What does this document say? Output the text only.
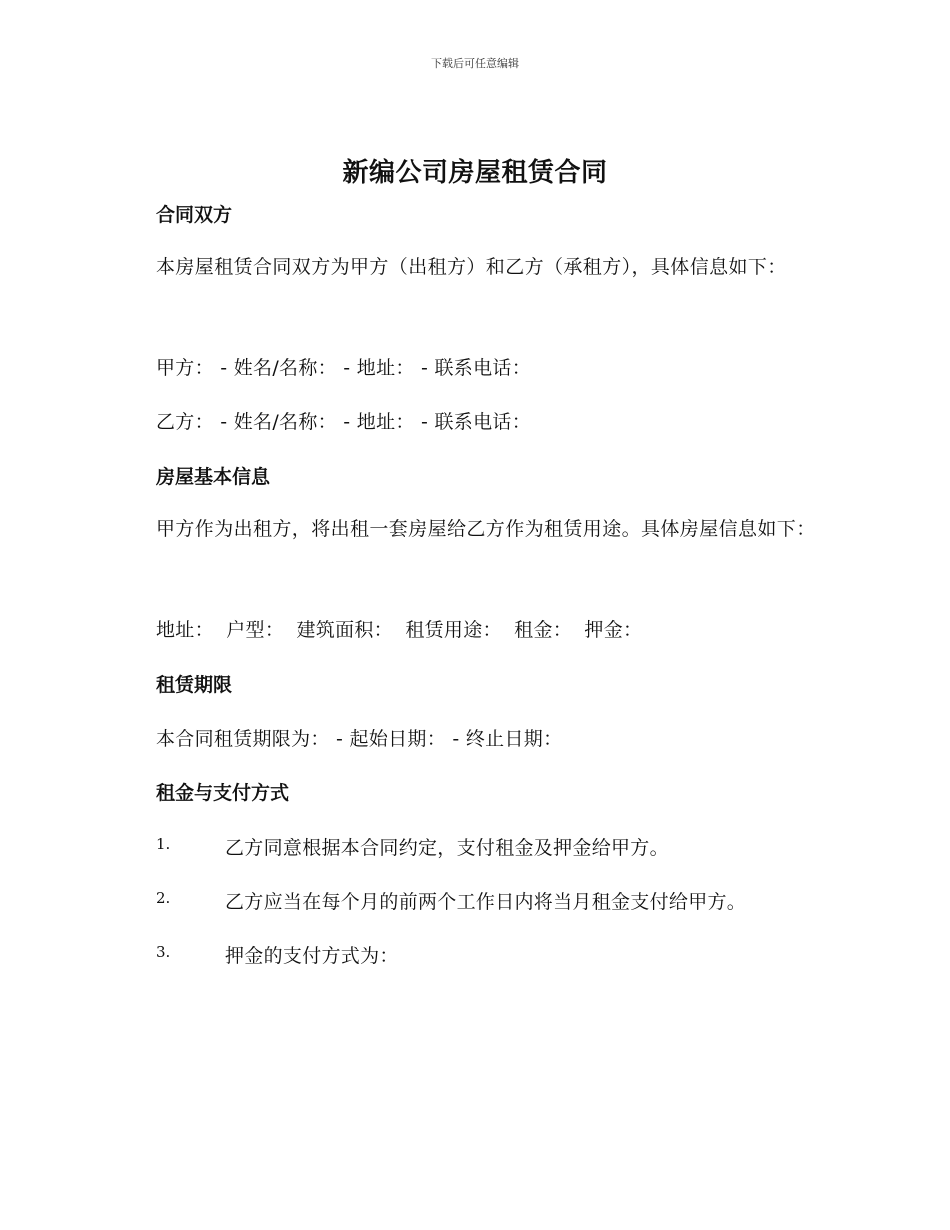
下载后可任意编辑
新编公司房屋租赁合同
合同双方
本房屋租赁合同双方为甲方（出租方）和乙方（承租方），具体信息如下：
甲方： - 姓名/名称： - 地址： - 联系电话：
乙方： - 姓名/名称： - 地址： - 联系电话：
房屋基本信息
甲方作为出租方，将出租一套房屋给乙方作为租赁用途。具体房屋信息如下：
地址： 户型： 建筑面积： 租赁用途： 租金： 押金：
租赁期限
本合同租赁期限为： - 起始日期： - 终止日期：
租金与支付方式
1.	乙方同意根据本合同约定，支付租金及押金给甲方。
2.	乙方应当在每个月的前两个工作日内将当月租金支付给甲方。
3.	押金的支付方式为：
